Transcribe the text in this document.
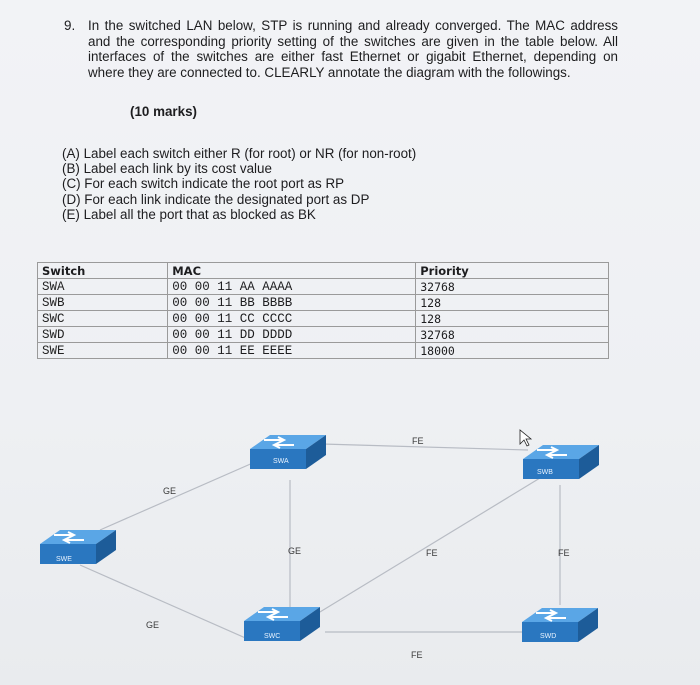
9. In the switched LAN below, STP is running and already converged. The MAC address and the corresponding priority setting of the switches are given in the table below. All interfaces of the switches are either fast Ethernet or gigabit Ethernet, depending on where they are connected to. CLEARLY annotate the diagram with the followings.
(10 marks)
(A) Label each switch either R (for root) or NR (for non-root)
(B) Label each link by its cost value
(C) For each switch indicate the root port as RP
(D) For each link indicate the designated port as DP
(E) Label all the port that as blocked as BK
Switch	MAC	Priority
SWA	00 00 11 AA AAAA	32768
SWB	00 00 11 BB BBBB	128
SWC	00 00 11 CC CCCC	128
SWD	00 00 11 DD DDDD	32768
SWE	00 00 11 EE EEEE	18000
FE
GE
GE	FE	FE
GE
FE
SWA
SWB
SWC	SWD
SWE
